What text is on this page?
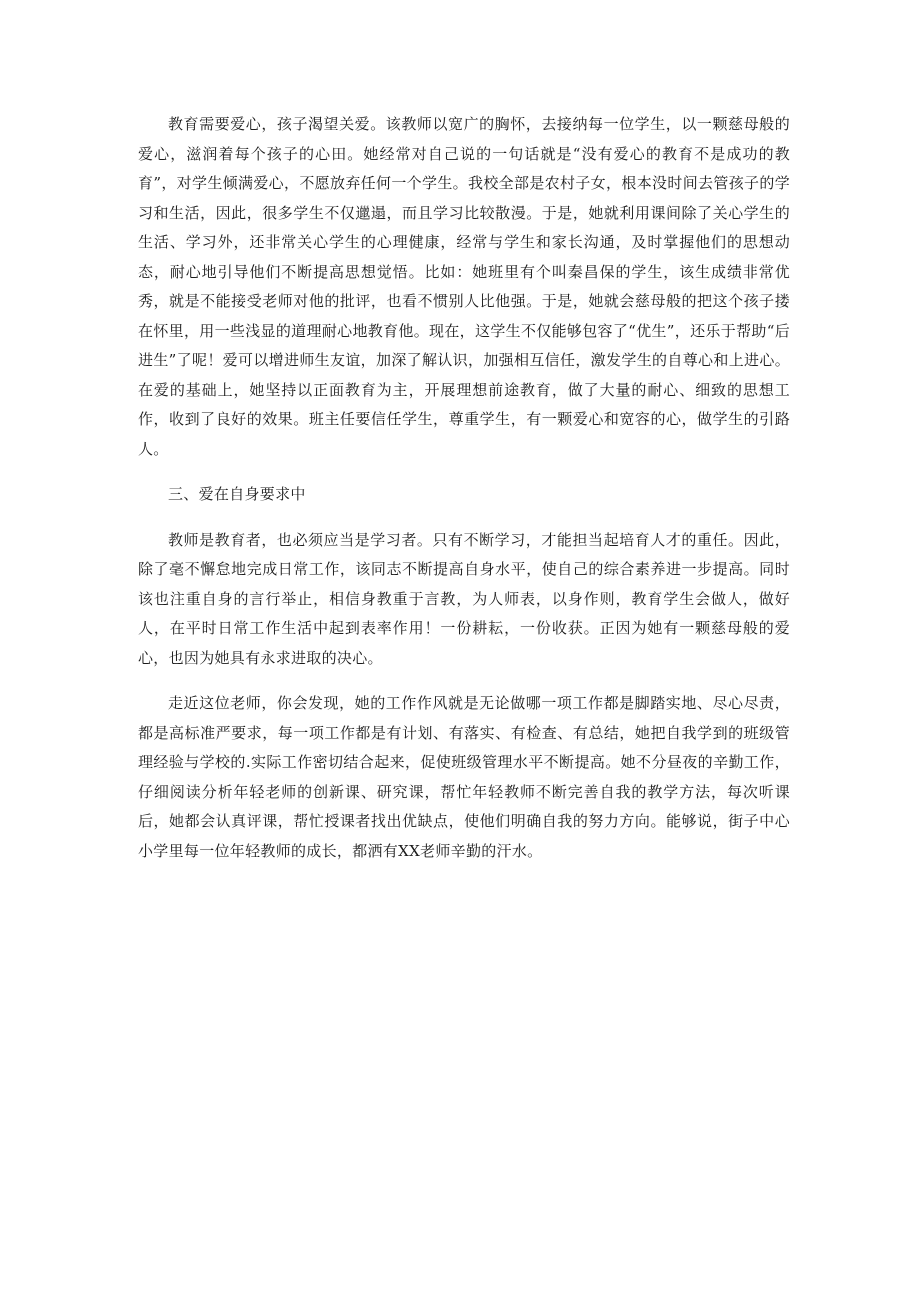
教育需要爱心，孩子渴望关爱。该教师以宽广的胸怀，去接纳每一位学生，以一颗慈母般的爱心，滋润着每个孩子的心田。她经常对自己说的一句话就是“没有爱心的教育不是成功的教育”，对学生倾满爱心，不愿放弃任何一个学生。我校全部是农村子女，根本没时间去管孩子的学习和生活，因此，很多学生不仅邋遢，而且学习比较散漫。于是，她就利用课间除了关心学生的生活、学习外，还非常关心学生的心理健康，经常与学生和家长沟通，及时掌握他们的思想动态，耐心地引导他们不断提高思想觉悟。比如：她班里有个叫秦昌保的学生，该生成绩非常优秀，就是不能接受老师对他的批评，也看不惯别人比他强。于是，她就会慈母般的把这个孩子搂在怀里，用一些浅显的道理耐心地教育他。现在，这学生不仅能够包容了“优生”，还乐于帮助“后进生”了呢！爱可以增进师生友谊，加深了解认识，加强相互信任，激发学生的自尊心和上进心。在爱的基础上，她坚持以正面教育为主，开展理想前途教育，做了大量的耐心、细致的思想工作，收到了良好的效果。班主任要信任学生，尊重学生，有一颗爱心和宽容的心，做学生的引路人。

三、爱在自身要求中

教师是教育者，也必须应当是学习者。只有不断学习，才能担当起培育人才的重任。因此，除了毫不懈怠地完成日常工作，该同志不断提高自身水平，使自己的综合素养进一步提高。同时该也注重自身的言行举止，相信身教重于言教，为人师表，以身作则，教育学生会做人，做好人，在平时日常工作生活中起到表率作用！一份耕耘，一份收获。正因为她有一颗慈母般的爱心，也因为她具有永求进取的决心。

走近这位老师，你会发现，她的工作作风就是无论做哪一项工作都是脚踏实地、尽心尽责，都是高标准严要求，每一项工作都是有计划、有落实、有检查、有总结，她把自我学到的班级管理经验与学校的.实际工作密切结合起来，促使班级管理水平不断提高。她不分昼夜的辛勤工作，仔细阅读分析年轻老师的创新课、研究课，帮忙年轻教师不断完善自我的教学方法，每次听课后，她都会认真评课，帮忙授课者找出优缺点，使他们明确自我的努力方向。能够说，街子中心小学里每一位年轻教师的成长，都洒有XX老师辛勤的汗水。
